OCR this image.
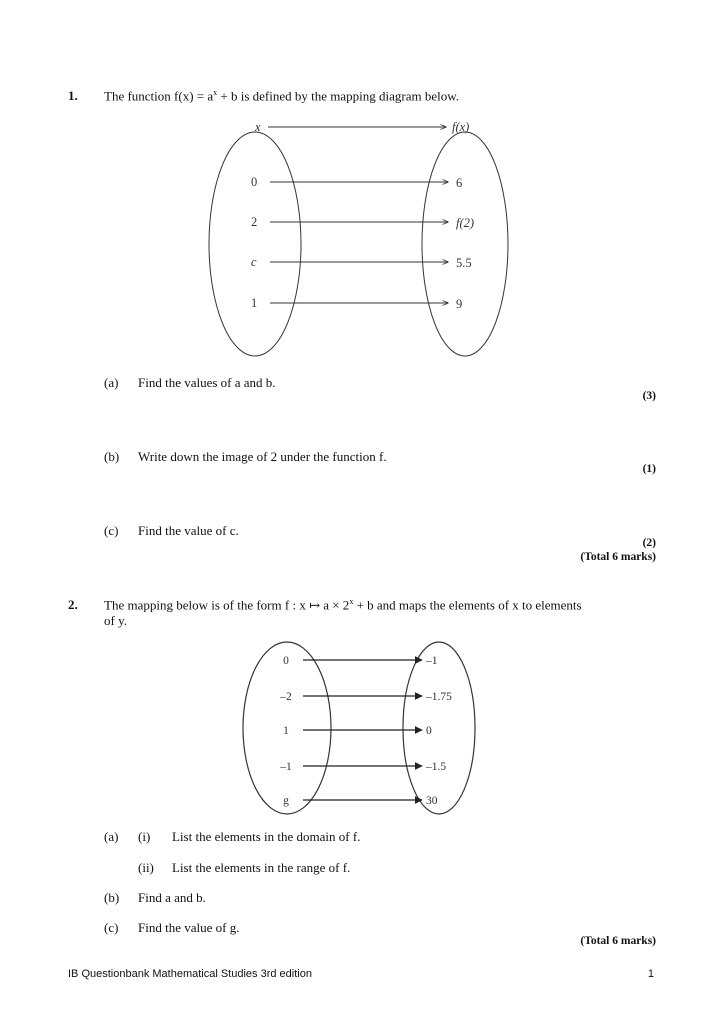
1. The function $f(x) = a^x + b$ is defined by the mapping diagram below.
x	f(x)
0	6
2	f(2)
c	5.5
1	9
(a) Find the values of a and b.
(3)
(b) Write down the image of 2 under the function f.
(1)
(c) Find the value of c.
(2)
(Total 6 marks)
2. The mapping below is of the form f : x ↦ $a \times 2^x + b$ and maps the elements of x to elements
of y.
0	–1
–2	–1.75
1	0
–1	–1.5
g	30
(a) (i) List the elements in the domain of f.
(ii) List the elements in the range of f.
(b) Find a and b.
(c) Find the value of g.
(Total 6 marks)
IB Questionbank Mathematical Studies 3rd edition	1
